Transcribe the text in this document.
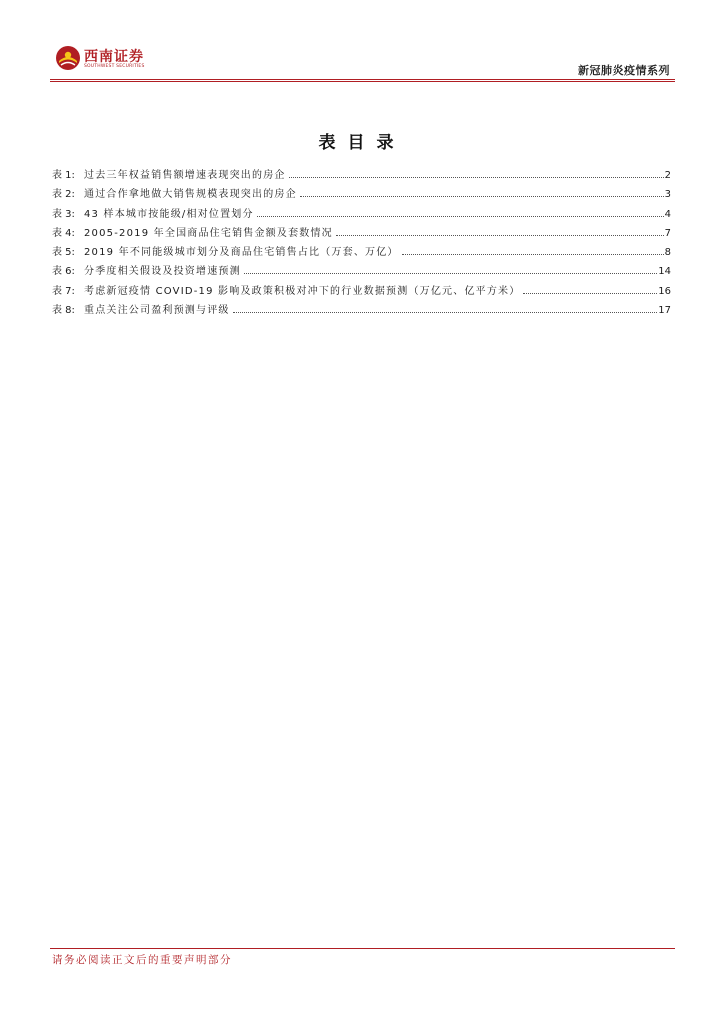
西南证券
SOUTHWEST SECURITIES	新冠肺炎疫情系列
表目录
表 1: 过去三年权益销售额增速表现突出的房企	2
表 2: 通过合作拿地做大销售规模表现突出的房企	3
表 3: 43 样本城市按能级/相对位置划分	4
表 4: 2005-2019 年全国商品住宅销售金额及套数情况	7
表 5: 2019 年不同能级城市划分及商品住宅销售占比（万套、万亿）	8
表 6: 分季度相关假设及投资增速预测	14
表 7: 考虑新冠疫情 COVID-19 影响及政策积极对冲下的行业数据预测（万亿元、亿平方米）	16
表 8: 重点关注公司盈利预测与评级	17
请务必阅读正文后的重要声明部分
